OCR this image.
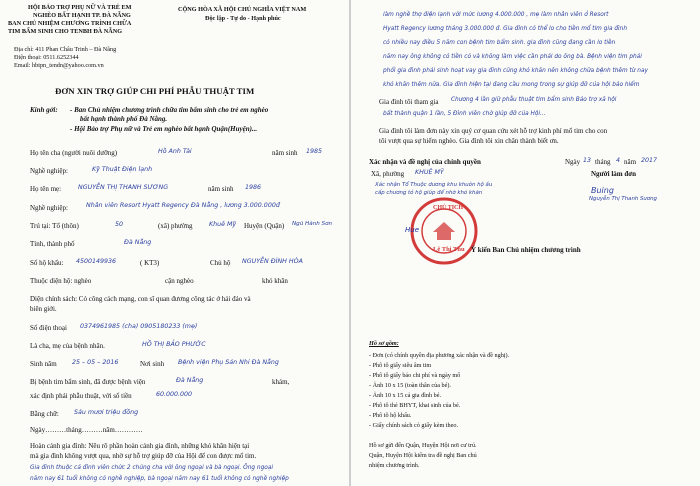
HỘI BẢO TRỢ PHỤ NỮ VÀ TRẺ EM
NGHÈO BẤT HẠNH TP. ĐÀ NẴNG
BAN CHỦ NHIỆM CHƯƠNG TRÌNH CHỮA
TIM BẨM SINH CHO TENBH ĐÀ NẴNG
CỘNG HÒA XÃ HỘI CHỦ NGHĨA VIỆT NAM
Độc lập - Tự do - Hạnh phúc
Địa chỉ: 411 Phan Châu Trinh – Đà Nẵng
Điện thoại: 0511.6252344
Email: hbtpn_tendn@yahoo.com.vn
ĐƠN XIN TRỢ GIÚP CHI PHÍ PHẪU THUẬT TIM
Kính gởi: - Ban Chủ nhiệm chương trình chữa tim bẩm sinh cho trẻ em nghèo
bất hạnh thành phố Đà Nẵng.
- Hội Bảo trợ Phụ nữ và Trẻ em nghèo bất hạnh Quận(Huyện)...
Họ tên cha (người nuôi dưỡng)	Hồ Anh Tài	năm sinh 1985
Nghề nghiệp:	Kỹ Thuật Điện lạnh
Họ tên mẹ:	NGUYỄN THỊ THANH SƯƠNG	năm sinh 1986
Nghề nghiệp:	Nhân viên Resort Hyatt Regency Đà Nẵng , lương 3.000.000đ
Trú tại: Tổ (thôn)	50	(xã) phường	Khuê Mỹ Huyện (Quận) Ngũ Hành Sơn
Tỉnh, thành phố	Đà Nẵng
Số hộ khẩu: 4500149936	( KT3)	Chủ hộ NGUYỄN ĐÌNH HÒA
Thuộc diện hộ: nghèo	cận nghèo	khó khăn
Diện chính sách: Có công cách mạng, con sĩ quan đương công tác ở hải đảo và
biên giới.
Số điện thoại 0374961985 (cha) 0905180233 (mẹ)
Là cha, mẹ của bệnh nhân.	HỒ THỊ BẢO PHƯỚC
Sinh năm 25 – 05 – 2016	Nơi sinh Bệnh viện Phụ Sản Nhi Đà Nẵng
Bị bệnh tim bẩm sinh, đã được bệnh viện	Đà Nẵng	khám,
xác định phải phẫu thuật, với số tiền	60.000.000
Bằng chữ: Sáu mươi triệu đồng
Ngày………tháng………năm…………
Hoàn cảnh gia đình: Nêu rõ phần hoàn cảnh gia đình, những khó khăn hiện tại
mà gia đình không vượt qua, nhờ sự hỗ trợ giúp đỡ của Hội để con được mổ tim.
Gia đình thuộc cả đình viên chức 2 chúng cha với ông ngoại và bà ngoại. Ông ngoại
năm nay 61 tuổi không có nghề nghiệp, bà ngoại năm nay 61 tuổi không có nghề nghiệp
làm nghề thợ điện lạnh với mức lương 4.000.000 , mẹ làm nhân viên ở Resort
Hyatt Regency lương tháng 3.000.000 đ. Gia đình có thể lo cho tiền mổ tim gia đình
có nhiều nay điều 5 năm con bệnh tim bẩm sinh. gia đình cũng đang cần lo tiền
năm nay ông không có tiền có và không làm việc cần phải do ông bà. Bệnh viện tim phải
phổi gia đình phải sinh hoạt vay gia đình cũng khó khăn nên không chữa bệnh thêm từ nay
khó khăn thêm nữa. Gia đình hiện tại đang cầu mong trong sự giúp đỡ của hội bảo hiểm
Gia đình tôi tham gia Chương 4 lần giữ phẫu thuật tim bẩm sinh Bảo trợ xã hội
bất thành quận 1 lần, 5 Đình viên chờ giúp đỡ của Hội...
Gia đình tôi làm đơn này xin quý cơ quan cứu xét hỗ trợ kinh phí mổ tim cho con
tôi vượt qua sự hiểm nghèo. Gia đình tôi xin chân thành biết ơn.
Xác nhận và đề nghị của chính quyền
Xã, phường KHUÊ MỸ
Ngày 13 tháng 4 năm 2017
Người làm đơn
Xác nhận Tổ Thuộc dương khu khuôn hộ ấu
cấp chương tỏ hộ giúp để nhờ khó khăn	Buing
Nguyễn Thị Thanh Sương
CHỦ TỊCH
Hue
Lê Thị Thu Ý kiến Ban Chủ nhiệm chương trình
Hồ sơ gồm:
- Đơn (có chính quyền địa phương xác nhận và đề nghị).
- Phô tô giấy siêu âm tim
- Phô tô giấy báo chi phí và ngày mổ
- Ảnh 10 x 15 (toàn thân của bé).
- Ảnh 10 x 15 cả gia đình bé.
- Phô tô thẻ BHYT, khai sinh của bé.
- Phô tô hộ khẩu.
- Giấy chính sách có giấy kèm theo.
Hồ sơ gửi đến Quận, Huyện Hội nơi cư trú.
Quận, Huyện Hội kiểm tra đề nghị Ban chủ
nhiệm chương trình.
